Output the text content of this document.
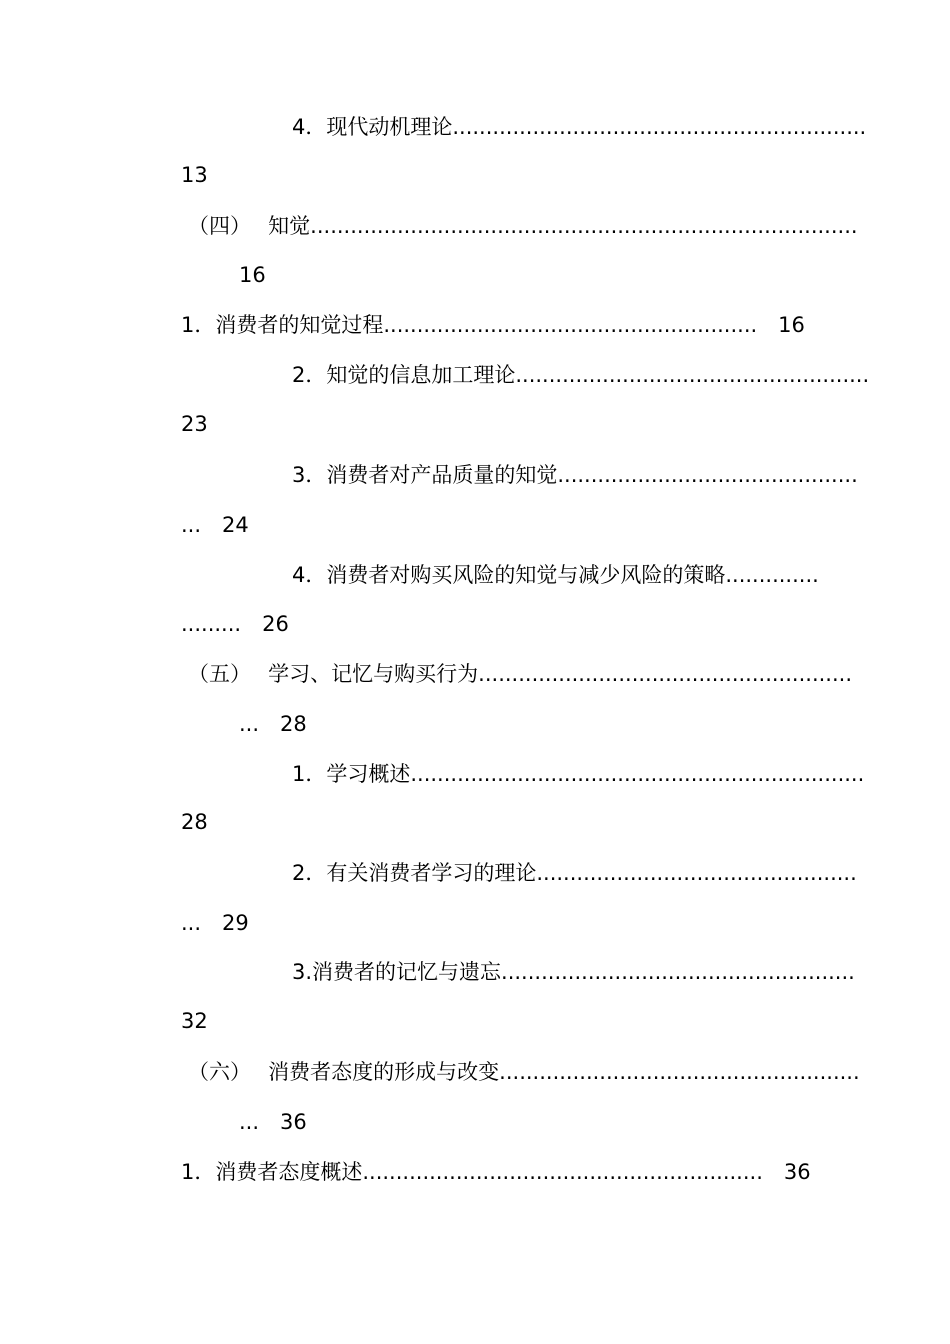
4．现代动机理论..............................................................
13
（四）　 知觉..................................................................................
16
1．消费者的知觉过程........................................................　16
2．知觉的信息加工理论.....................................................
23
3．消费者对产品质量的知觉.............................................
...　24
4．消费者对购买风险的知觉与减少风险的策略..............
.........　26
（五）　 学习、记忆与购买行为........................................................
...　28
1．学习概述....................................................................
28
2．有关消费者学习的理论................................................
...　29
3.消费者的记忆与遗忘.....................................................
32
（六）　 消费者态度的形成与改变......................................................
...　36
1．消费者态度概述............................................................　36
